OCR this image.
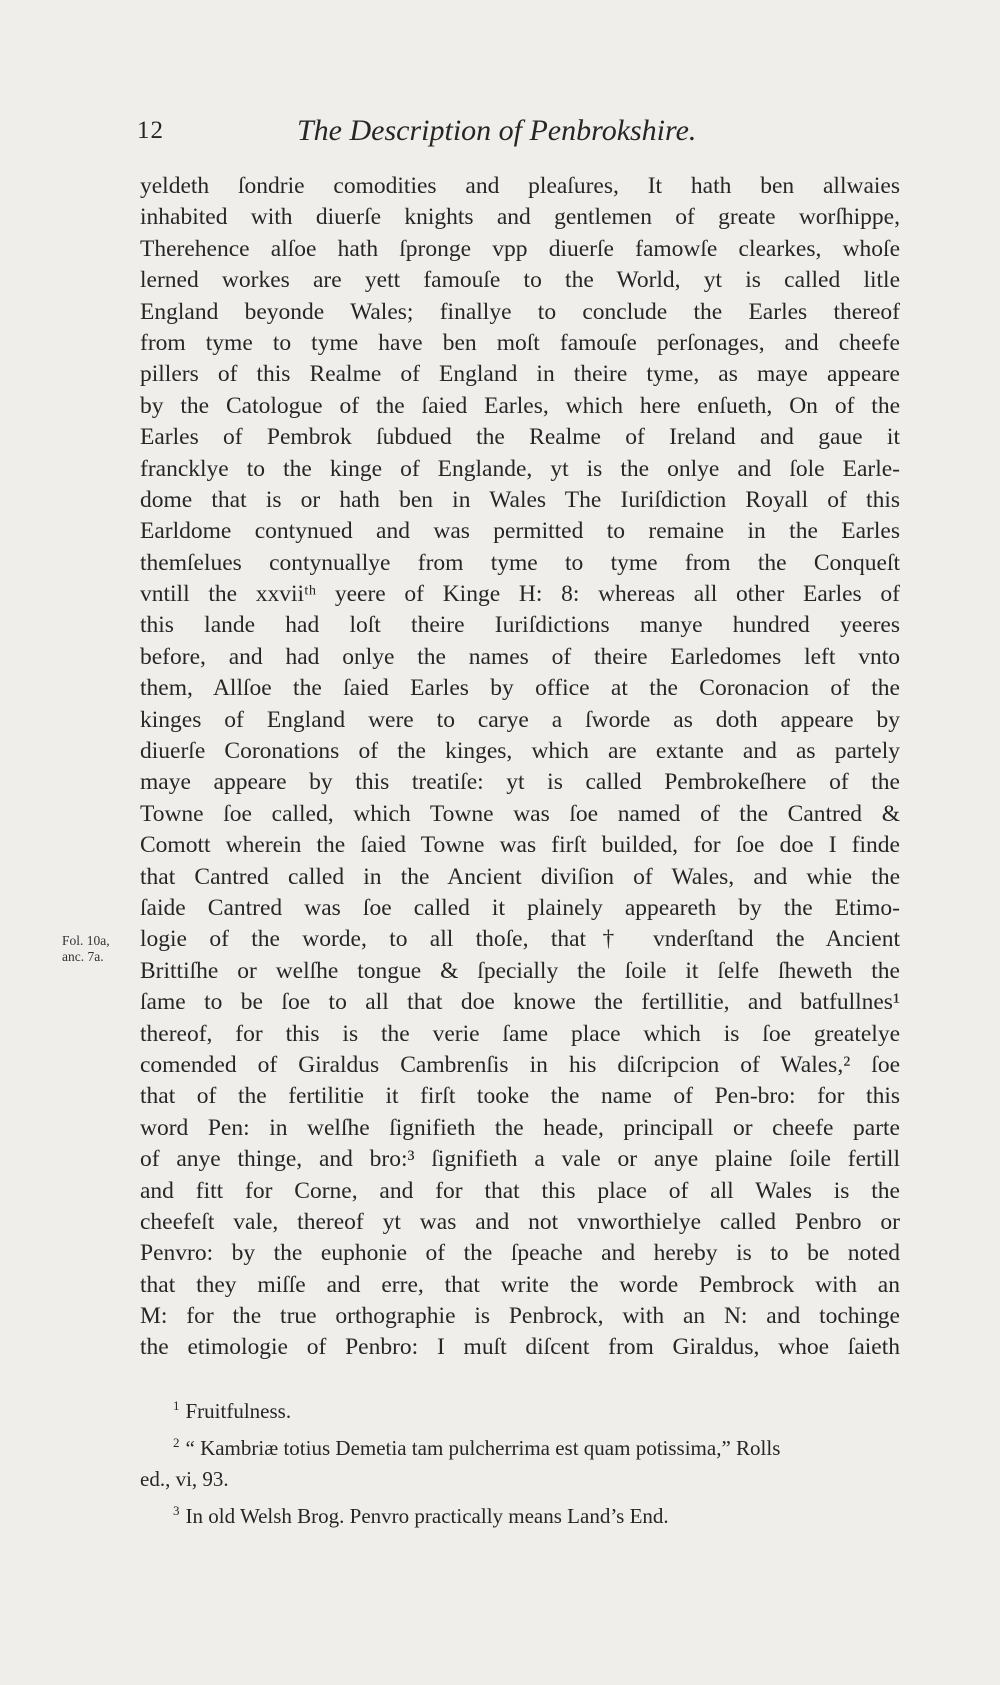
12	The Description of Penbrokshire.
Fol. 10a,
anc. 7a.
yeldeth ſondrie comodities and pleaſures, It hath ben allwaies
inhabited with diuerſe knights and gentlemen of greate worſhippe,
Therehence alſoe hath ſpronge vpp diuerſe famowſe clearkes, whoſe
lerned workes are yett famouſe to the World, yt is called litle
England beyonde Wales; finallye to conclude the Earles thereof
from tyme to tyme have ben moſt famouſe perſonages, and cheefe
pillers of this Realme of England in theire tyme, as maye appeare
by the Catologue of the ſaied Earles, which here enſueth, On of the
Earles of Pembrok ſubdued the Realme of Ireland and gaue it
francklye to the kinge of Englande, yt is the onlye and ſole Earle-
dome that is or hath ben in Wales The Iuriſdiction Royall of this
Earldome contynued and was permitted to remaine in the Earles
themſelues contynuallye from tyme to tyme from the Conqueſt
vntill the xxviiᵗʰ yeere of Kinge H: 8: whereas all other Earles of
this lande had loſt theire Iuriſdictions manye hundred yeeres
before, and had onlye the names of theire Earledomes left vnto
them, Allſoe the ſaied Earles by office at the Coronacion of the
kinges of England were to carye a ſworde as doth appeare by
diuerſe Coronations of the kinges, which are extante and as partely
maye appeare by this treatiſe: yt is called Pembrokeſhere of the
Towne ſoe called, which Towne was ſoe named of the Cantred &
Comott wherein the ſaied Towne was firſt builded, for ſoe doe I finde
that Cantred called in the Ancient diviſion of Wales, and whie the
ſaide Cantred was ſoe called it plainely appeareth by the Etimo-
logie of the worde, to all thoſe, that† vnderſtand the Ancient
Brittiſhe or welſhe tongue & ſpecially the ſoile it ſelfe ſheweth the
ſame to be ſoe to all that doe knowe the fertillitie, and batfullnes¹
thereof, for this is the verie ſame place which is ſoe greatelye
comended of Giraldus Cambrenſis in his diſcripcion of Wales,² ſoe
that of the fertilitie it firſt tooke the name of Pen-bro: for this
word Pen: in welſhe ſignifieth the heade, principall or cheefe parte
of anye thinge, and bro:³ ſignifieth a vale or anye plaine ſoile fertill
and fitt for Corne, and for that this place of all Wales is the
cheefeſt vale, thereof yt was and not vnworthielye called Penbro or
Penvro: by the euphonie of the ſpeache and hereby is to be noted
that they miſſe and erre, that write the worde Pembrock with an
M: for the true orthographie is Penbrock, with an N: and tochinge
the etimologie of Penbro: I muſt diſcent from Giraldus, whoe ſaieth
$^1$ Fruitfulness.
$^2$ “ Kambriæ totius Demetia tam pulcherrima est quam potissima,” Rolls
ed., vi, 93.
$^3$ In old Welsh Brog. Penvro practically means Land’s End.
